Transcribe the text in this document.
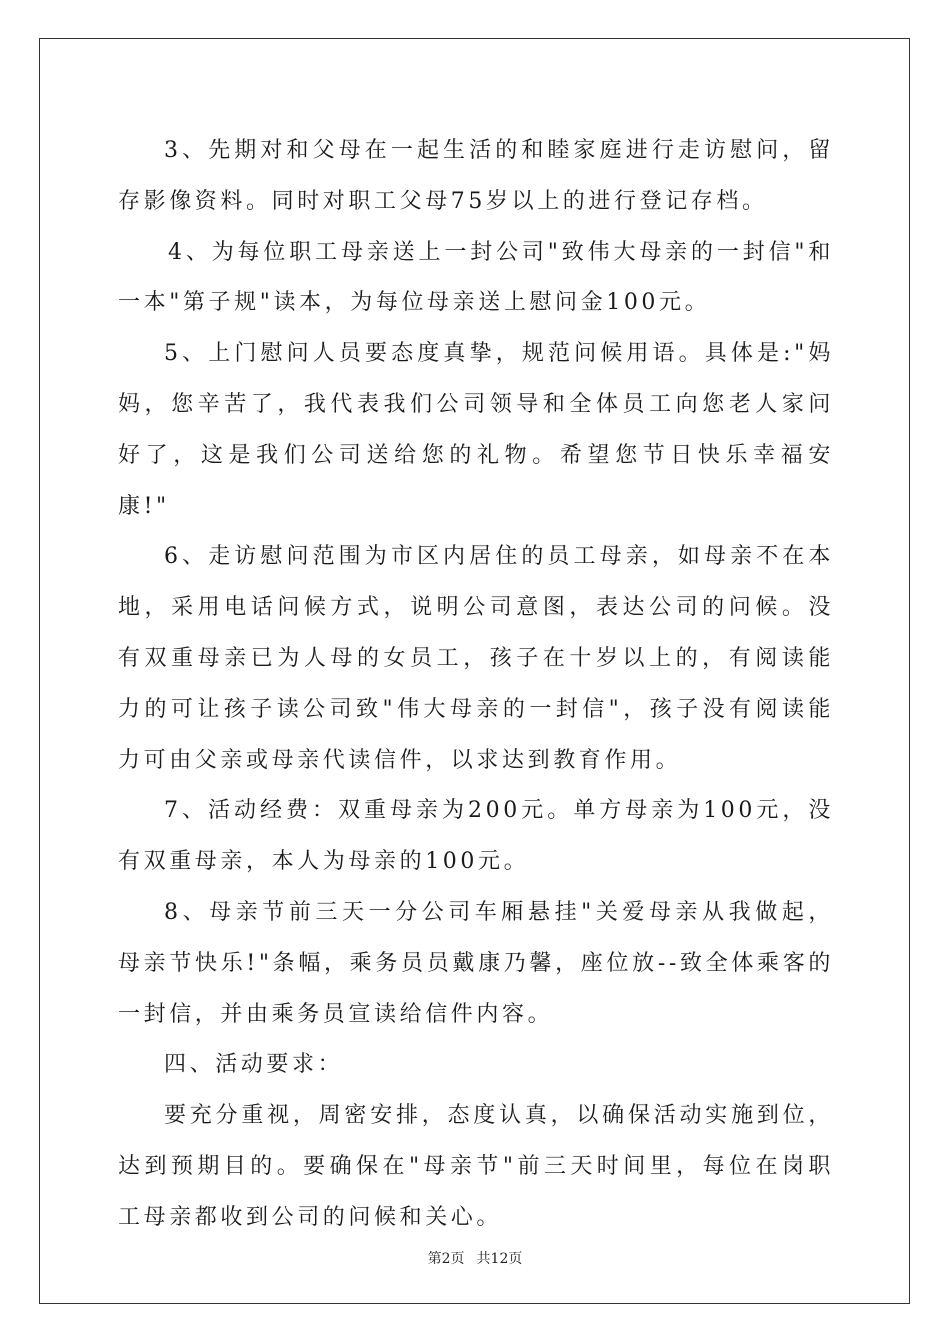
3、先期对和父母在一起生活的和睦家庭进行走访慰问，留存影像资料。同时对职工父母75岁以上的进行登记存档。

4、为每位职工母亲送上一封公司"致伟大母亲的一封信"和一本"第子规"读本，为每位母亲送上慰问金100元。

5、上门慰问人员要态度真挚，规范问候用语。具体是:"妈妈，您辛苦了，我代表我们公司领导和全体员工向您老人家问好了，这是我们公司送给您的礼物。希望您节日快乐幸福安康!"

6、走访慰问范围为市区内居住的员工母亲，如母亲不在本地，采用电话问候方式，说明公司意图，表达公司的问候。没有双重母亲已为人母的女员工，孩子在十岁以上的，有阅读能力的可让孩子读公司致"伟大母亲的一封信"，孩子没有阅读能力可由父亲或母亲代读信件，以求达到教育作用。

7、活动经费：双重母亲为200元。单方母亲为100元，没有双重母亲，本人为母亲的100元。

8、母亲节前三天一分公司车厢悬挂"关爱母亲从我做起，母亲节快乐!"条幅，乘务员员戴康乃馨，座位放--致全体乘客的一封信，并由乘务员宣读给信件内容。

四、活动要求：

要充分重视，周密安排，态度认真，以确保活动实施到位，达到预期目的。要确保在"母亲节"前三天时间里，每位在岗职工母亲都收到公司的问候和关心。

第2页 共12页
